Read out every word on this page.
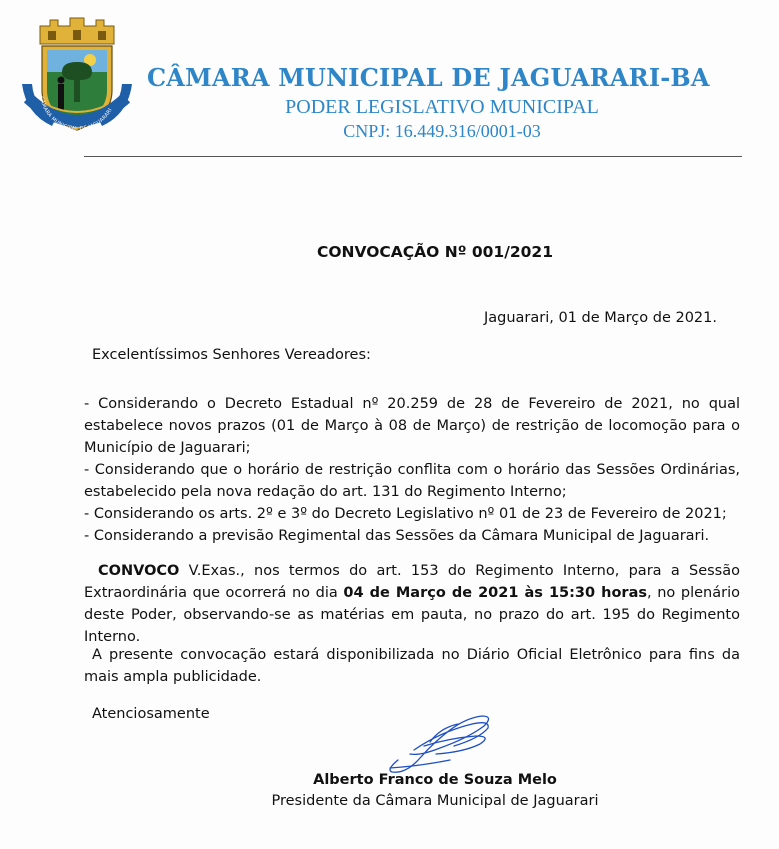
CÂMARA MUNICIPAL DE JAGUARARI
CÂMARA MUNICIPAL DE JAGUARARI-BA
PODER LEGISLATIVO MUNICIPAL
CNPJ: 16.449.316/0001-03
CONVOCAÇÃO Nº 001/2021
Jaguarari, 01 de Março de 2021.
Excelentíssimos Senhores Vereadores:

- Considerando o Decreto Estadual nº 20.259 de 28 de Fevereiro de 2021, no qual estabelece novos prazos (01 de Março à 08 de Março) de restrição de locomoção para o Município de Jaguarari;

- Considerando que o horário de restrição conflita com o horário das Sessões Ordinárias, estabelecido pela nova redação do art. 131 do Regimento Interno;

- Considerando os arts. 2º e 3º do Decreto Legislativo nº 01 de 23 de Fevereiro de 2021;

- Considerando a previsão Regimental das Sessões da Câmara Municipal de Jaguarari.

CONVOCO V.Exas., nos termos do art. 153 do Regimento Interno, para a Sessão Extraordinária que ocorrerá no dia 04 de Março de 2021 às 15:30 horas, no plenário deste Poder, observando-se as matérias em pauta, no prazo do art. 195 do Regimento Interno.

A presente convocação estará disponibilizada no Diário Oficial Eletrônico para fins da mais ampla publicidade.

Atenciosamente
Alberto Franco de Souza Melo
Presidente da Câmara Municipal de Jaguarari
